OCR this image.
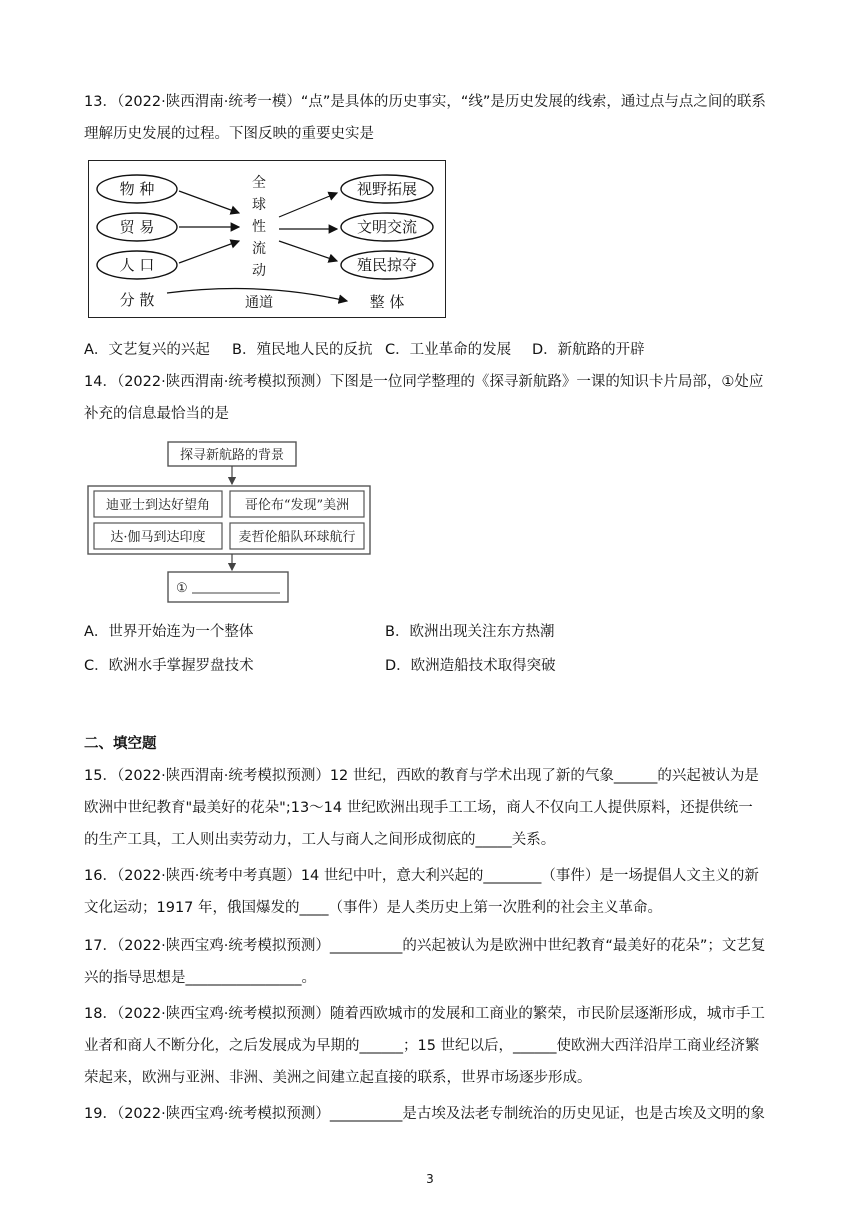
13．（2022·陕西渭南·统考一模）“点”是具体的历史事实，“线”是历史发展的线索，通过点与点之间的联系
理解历史发展的过程。下图反映的重要史实是
物 种
贸 易
人 口
全
球
性
流
动
视野拓展
文明交流
殖民掠夺
分 散	通道	整 体
A．文艺复兴的兴起 B．殖民地人民的反抗 C．工业革命的发展 D．新航路的开辟
14．（2022·陕西渭南·统考模拟预测）下图是一位同学整理的《探寻新航路》一课的知识卡片局部，①处应
补充的信息最恰当的是
探寻新航路的背景
迪亚士到达好望角	哥伦布“发现”美洲
达·伽马到达印度	麦哲伦船队环球航行
①
A．世界开始连为一个整体	B．欧洲出现关注东方热潮
C．欧洲水手掌握罗盘技术	D．欧洲造船技术取得突破
二、填空题
15．（2022·陕西渭南·统考模拟预测）12 世纪，西欧的教育与学术出现了新的气象______的兴起被认为是
欧洲中世纪教育"最美好的花朵";13～14 世纪欧洲出现手工工场，商人不仅向工人提供原料，还提供统一
的生产工具，工人则出卖劳动力，工人与商人之间形成彻底的_____关系。
16．（2022·陕西·统考中考真题）14 世纪中叶，意大利兴起的________（事件）是一场提倡人文主义的新
文化运动；1917 年，俄国爆发的____（事件）是人类历史上第一次胜利的社会主义革命。
17．（2022·陕西宝鸡·统考模拟预测）__________的兴起被认为是欧洲中世纪教育“最美好的花朵”；文艺复
兴的指导思想是________________。
18．（2022·陕西宝鸡·统考模拟预测）随着西欧城市的发展和工商业的繁荣，市民阶层逐渐形成，城市手工
业者和商人不断分化，之后发展成为早期的______；15 世纪以后，______使欧洲大西洋沿岸工商业经济繁
荣起来，欧洲与亚洲、非洲、美洲之间建立起直接的联系，世界市场逐步形成。
19．（2022·陕西宝鸡·统考模拟预测）__________是古埃及法老专制统治的历史见证，也是古埃及文明的象
3
